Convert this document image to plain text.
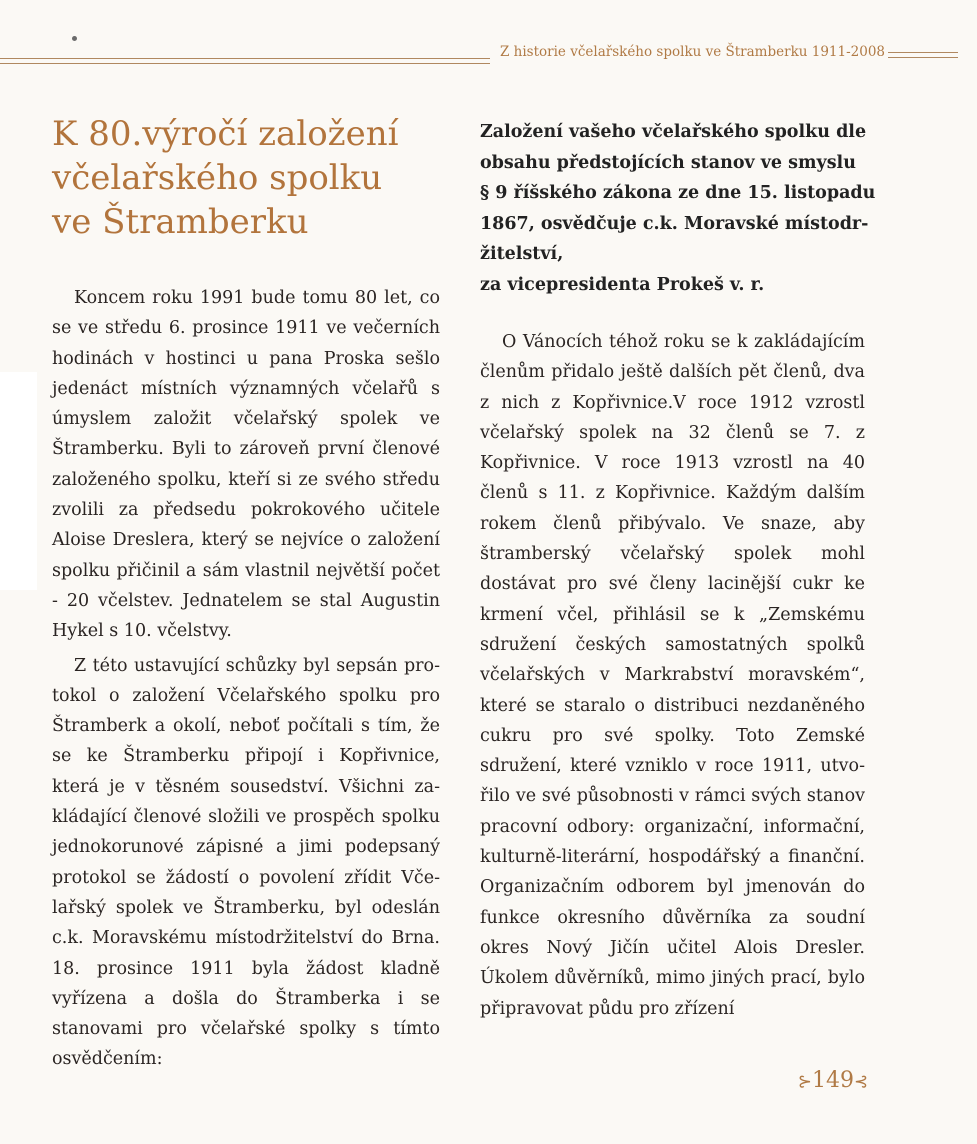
Z historie včelařského spolku ve Štramberku 1911-2008
K 80.výročí založení
včelařského spolku
ve Štramberku

Koncem roku 1991 bude tomu 80 let, co se ve středu 6. prosince 1911 ve večerních hodinách v hostinci u pana Proska sešlo jedenáct místních významných včelařů s úmyslem založit včelařský spolek ve Štramberku. Byli to zároveň první členové založeného spolku, kteří si ze svého středu zvolili za předsedu pokrokového učitele Aloise Dreslera, který se nejvíce o založení spolku přičinil a sám vlastnil největší počet - 20 včelstev. Jednatelem se stal Augustin Hykel s 10. včelstvy.

Z této ustavující schůzky byl sepsán protokol o založení Včelařského spolku pro Štramberk a okolí, neboť počítali s tím, že se ke Štramberku připojí i Kopřivnice, která je v těsném sousedství. Všichni zakládající členové složili ve prospěch spolku jednokorunové zápisné a jimi podepsaný protokol se žádostí o povolení zřídit Včelařský spolek ve Štramberku, byl odeslán c.k. Moravskému místodržitelství do Brna. 18. prosince 1911 byla žádost kladně vyřízena a došla do Štramberka i se stanovami pro včelařské spolky s tímto osvědčením:

Založení vašeho včelařského spolku dle
obsahu předstojících stanov ve smyslu
§ 9 říšského zákona ze dne 15. listopadu
1867, osvědčuje c.k. Moravské místodr-
žitelství,
za vicepresidenta Prokeš v. r.

O Vánocích téhož roku se k zakládajícím členům přidalo ještě dalších pět členů, dva z nich z Kopřivnice.V roce 1912 vzrostl včelařský spolek na 32 členů se 7. z Kopřivnice. V roce 1913 vzrostl na 40 členů s 11. z Kopřivnice. Každým dalším rokem členů přibývalo. Ve snaze, aby štramberský včelařský spolek mohl dostávat pro své členy lacinější cukr ke krmení včel, přihlásil se k „Zemskému sdružení českých samostatných spolků včelařských v Markrabství moravském“, které se staralo o distribuci nezdaněného cukru pro své spolky. Toto Zemské sdružení, které vzniklo v roce 1911, utvořilo ve své působnosti v rámci svých stanov pracovní odbory: organizační, informační, kulturně-literární, hospodářský a finanční. Organizačním odborem byl jmenován do funkce okresního důvěrníka za soudní okres Nový Jičín učitel Alois Dresler. Úkolem důvěrníků, mimo jiných prací, bylo připravovat půdu pro zřízení

⊱149⊰
